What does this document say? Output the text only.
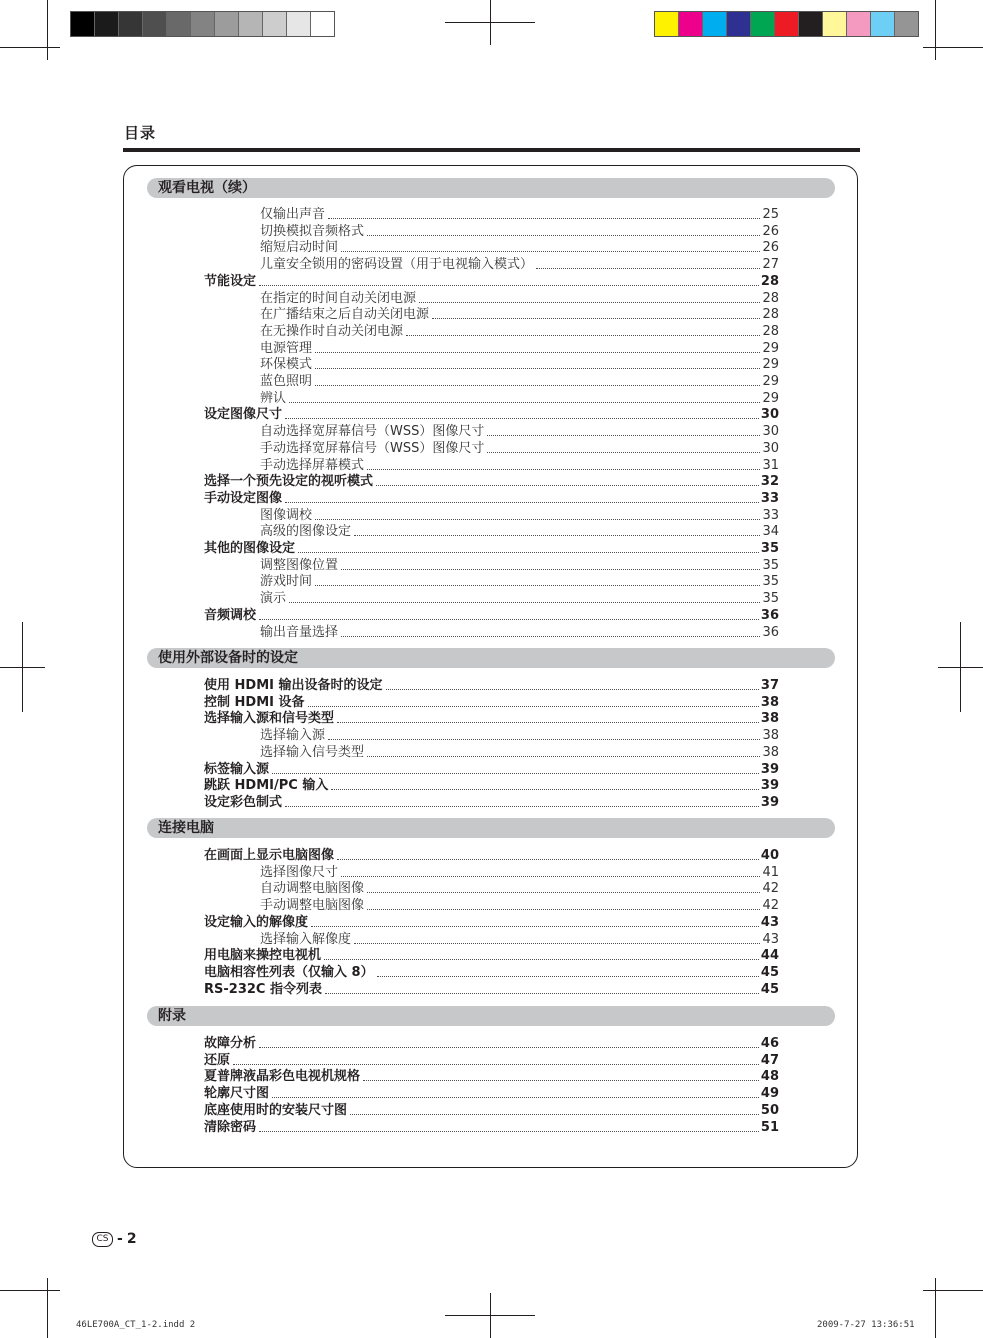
目录
观看电视（续）
仅输出声音	25
切换模拟音频格式	26
缩短启动时间	26
儿童安全锁用的密码设置（用于电视输入模式）	27
节能设定	28
在指定的时间自动关闭电源	28
在广播结束之后自动关闭电源	28
在无操作时自动关闭电源	28
电源管理	29
环保模式	29
蓝色照明	29
辨认	29
设定图像尺寸	30
自动选择宽屏幕信号（WSS）图像尺寸	30
手动选择宽屏幕信号（WSS）图像尺寸	30
手动选择屏幕模式	31
选择一个预先设定的视听模式	32
手动设定图像	33
图像调校	33
高级的图像设定	34
其他的图像设定	35
调整图像位置	35
游戏时间	35
演示	35
音频调校	36
输出音量选择	36
使用外部设备时的设定
使用 HDMI 输出设备时的设定	37
控制 HDMI 设备	38
选择输入源和信号类型	38
选择输入源	38
选择输入信号类型	38
标签输入源	39
跳跃 HDMI/PC 输入	39
设定彩色制式	39
连接电脑
在画面上显示电脑图像	40
选择图像尺寸	41
自动调整电脑图像	42
手动调整电脑图像	42
设定输入的解像度	43
选择输入解像度	43
用电脑来操控电视机	44
电脑相容性列表（仅输入 8）	45
RS-232C 指令列表	45
附录
故障分析	46
还原	47
夏普牌液晶彩色电视机规格	48
轮廓尺寸图	49
底座使用时的安装尺寸图	50
清除密码	51
CS - 2
46LE700A_CT_1-2.indd 2	2009-7-27 13:36:51
